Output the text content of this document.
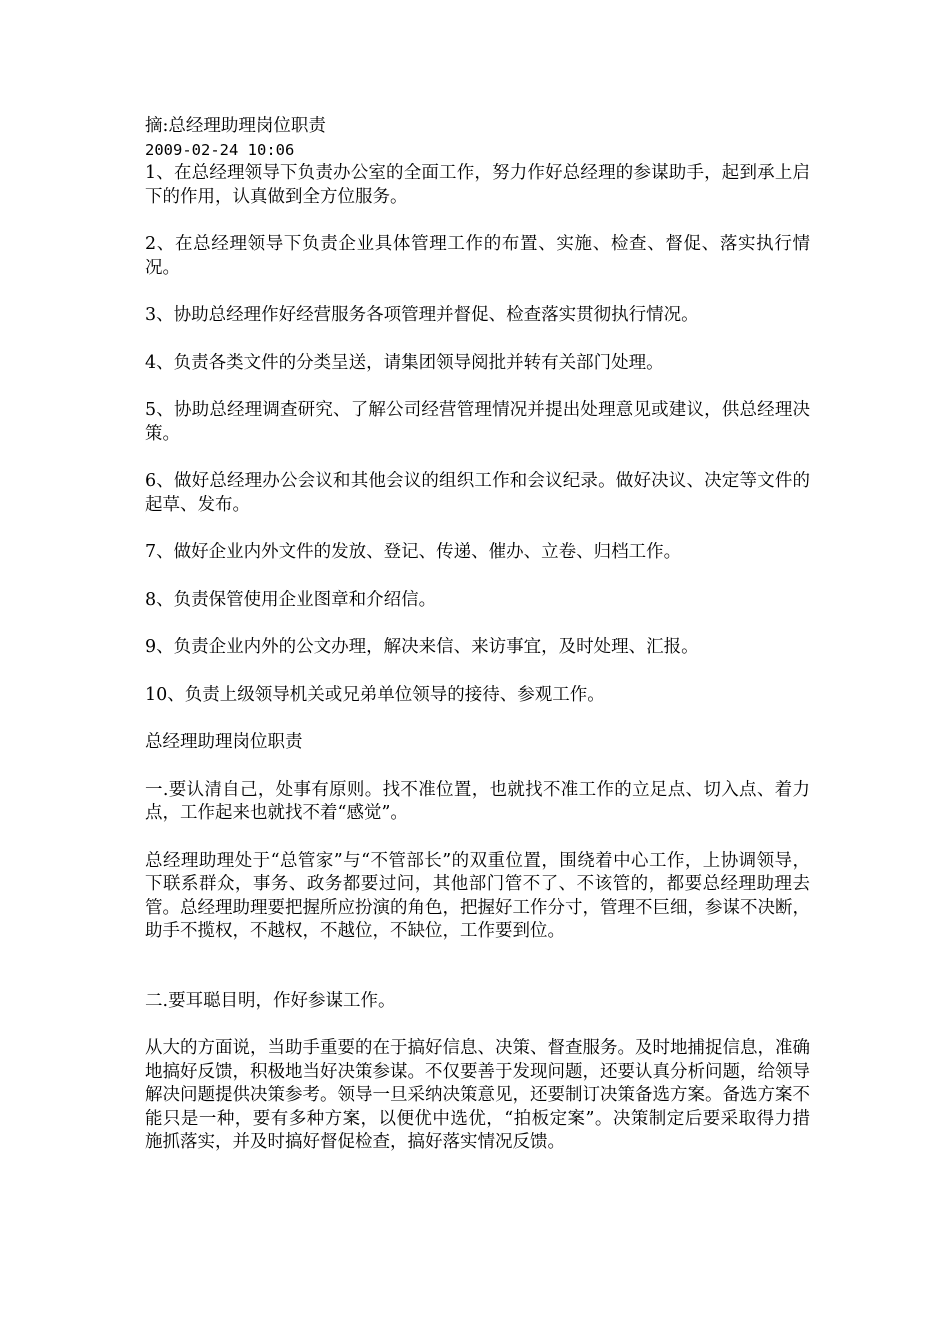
摘:总经理助理岗位职责
2009-02-24 10:06

1、在总经理领导下负责办公室的全面工作，努力作好总经理的参谋助手，起到承上启下的作用，认真做到全方位服务。

2、在总经理领导下负责企业具体管理工作的布置、实施、检查、督促、落实执行情况。

3、协助总经理作好经营服务各项管理并督促、检查落实贯彻执行情况。

4、负责各类文件的分类呈送，请集团领导阅批并转有关部门处理。

5、协助总经理调查研究、了解公司经营管理情况并提出处理意见或建议，供总经理决策。

6、做好总经理办公会议和其他会议的组织工作和会议纪录。做好决议、决定等文件的起草、发布。

7、做好企业内外文件的发放、登记、传递、催办、立卷、归档工作。

8、负责保管使用企业图章和介绍信。

9、负责企业内外的公文办理，解决来信、来访事宜，及时处理、汇报。

10、负责上级领导机关或兄弟单位领导的接待、参观工作。

总经理助理岗位职责

一.要认清自己，处事有原则。找不准位置，也就找不准工作的立足点、切入点、着力点，工作起来也就找不着“感觉”。

总经理助理处于“总管家”与“不管部长”的双重位置，围绕着中心工作，上协调领导，下联系群众，事务、政务都要过问，其他部门管不了、不该管的，都要总经理助理去管。总经理助理要把握所应扮演的角色，把握好工作分寸，管理不巨细，参谋不决断，助手不揽权，不越权，不越位，不缺位，工作要到位。

二.要耳聪目明，作好参谋工作。

从大的方面说，当助手重要的在于搞好信息、决策、督查服务。及时地捕捉信息，准确地搞好反馈，积极地当好决策参谋。不仅要善于发现问题，还要认真分析问题，给领导解决问题提供决策参考。领导一旦采纳决策意见，还要制订决策备选方案。备选方案不能只是一种，要有多种方案，以便优中选优，“拍板定案”。决策制定后要采取得力措施抓落实，并及时搞好督促检查，搞好落实情况反馈。
